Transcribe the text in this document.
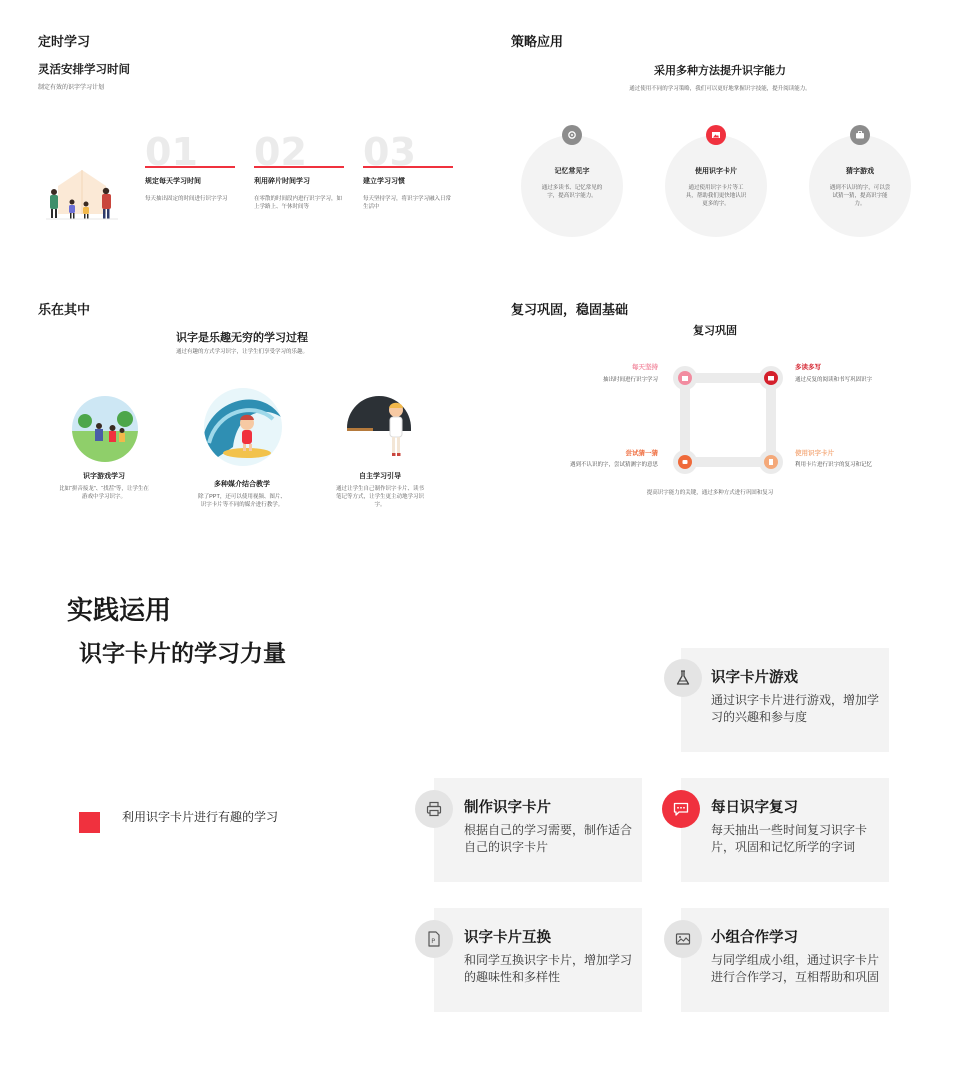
定时学习
灵活安排学习时间
制定有效的识字学习计划
01
规定每天学习时间
每天抽出固定的时间进行识字学习
02
利用碎片时间学习
在零散的时间段内进行识字学习，如上学路上、午休时间等
03
建立学习习惯
每天坚持学习，将识字学习融入日常生活中
策略应用
采用多种方法提升识字能力
通过使用不同的学习策略，我们可以更好地掌握识字技能，提升阅读能力。
记忆常见字
通过多读书、记忆常见的字，提高识字能力。
使用识字卡片
通过使用识字卡片等工具，帮助我们更快地认识更多的字。
猜字游戏
遇到不认识的字，可以尝试猜一猜，提高识字能力。
乐在其中
识字是乐趣无穷的学习过程
通过有趣的方式学习识字，让学生们享受学习的乐趣。
识字游戏学习
比如“拼音接龙”、“找茬”等，让学生在游戏中学习识字。
多种媒介结合教学
除了PPT，还可以使用视频、图片、识字卡片等不同的媒介进行教学。
自主学习引导
通过让学生自己制作识字卡片、读书笔记等方式，让学生更主动地学习识字。
复习巩固，稳固基础
复习巩固
每天坚持
抽出时间进行识字学习
多读多写
通过反复的阅读和书写巩固识字
尝试猜一猜
遇到不认识的字，尝试猜测字的意思
使用识字卡片
利用卡片进行识字的复习和记忆
提高识字能力的关键，通过多种方式进行巩固和复习
实践运用
识字卡片的学习力量
利用识字卡片进行有趣的学习
识字卡片游戏
通过识字卡片进行游戏，增加学习的兴趣和参与度
制作识字卡片
根据自己的学习需要，制作适合自己的识字卡片
每日识字复习
每天抽出一些时间复习识字卡片，巩固和记忆所学的字词
识字卡片互换
和同学互换识字卡片，增加学习的趣味性和多样性
P	小组合作学习
与同学组成小组，通过识字卡片进行合作学习，互相帮助和巩固
